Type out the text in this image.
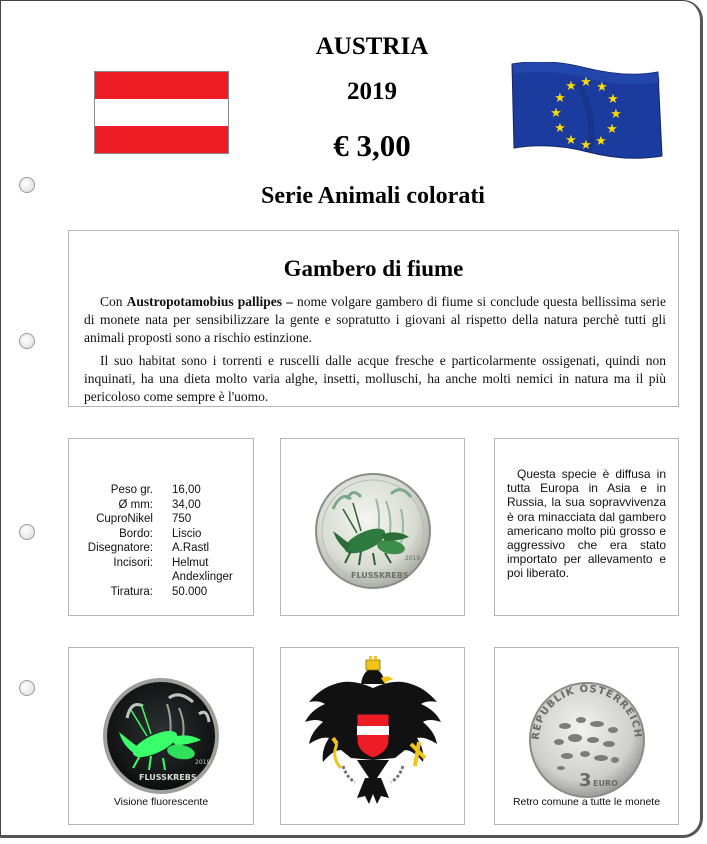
AUSTRIA
2019
€ 3,00
Serie Animali colorati
★ ★
★
★
★
★
★
★
★
★
★
★
Gambero di fiume

Con Austropotamobius pallipes – nome volgare gambero di fiume si conclude questa bellissima serie di monete nata per sensibilizzare la gente e sopratutto i giovani al rispetto della natura perchè tutti gli animali proposti sono a rischio estinzione.

Il suo habitat sono i torrenti e ruscelli dalle acque fresche e particolarmente ossigenati, quindi non inquinati, ha una dieta molto varia alghe, insetti, molluschi, ha anche molti nemici in natura ma il più pericoloso come sempre è l'uomo.

Peso gr. 16,00
Ø mm: 34,00
CuproNikel 750
Bordo: Liscio
Disegnatore: A.Rastl
Incisori: Helmut
Andexlinger
Tiratura: 50.000
FLUSSKREBS
2019

Questa specie è diffusa in tutta Europa in Asia e in Russia, la sua sopravvivenza è ora minacciata dal gambero americano molto più grosso e aggressivo che era stato importato per allevamento e poi liberato.

FLUSSKREBS
2019
Visione fluorescente
REPUBLIK ÖSTERREICH
3 EURO
Retro comune a tutte le monete
